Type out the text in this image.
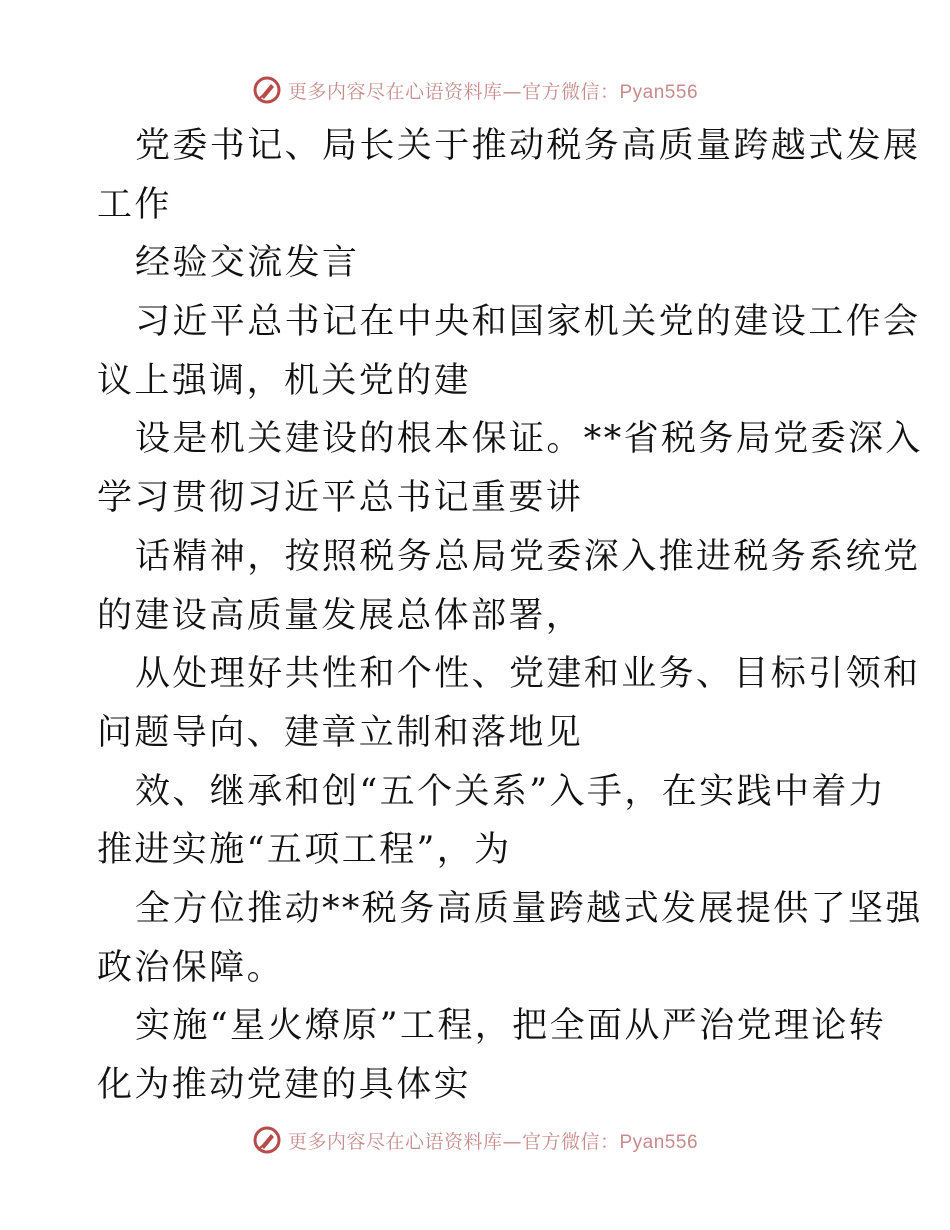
更多内容尽在心语资料库—官方微信：Pyan556
党委书记、局长关于推动税务高质量跨越式发展
工作
经验交流发言
习近平总书记在中央和国家机关党的建设工作会
议上强调，机关党的建
设是机关建设的根本保证。**省税务局党委深入
学习贯彻习近平总书记重要讲
话精神，按照税务总局党委深入推进税务系统党
的建设高质量发展总体部署，
从处理好共性和个性、党建和业务、目标引领和
问题导向、建章立制和落地见
效、继承和创“五个关系”入手，在实践中着力
推进实施“五项工程”，为
全方位推动**税务高质量跨越式发展提供了坚强
政治保障。
实施“星火燎原”工程，把全面从严治党理论转
化为推动党建的具体实
更多内容尽在心语资料库—官方微信：Pyan556
